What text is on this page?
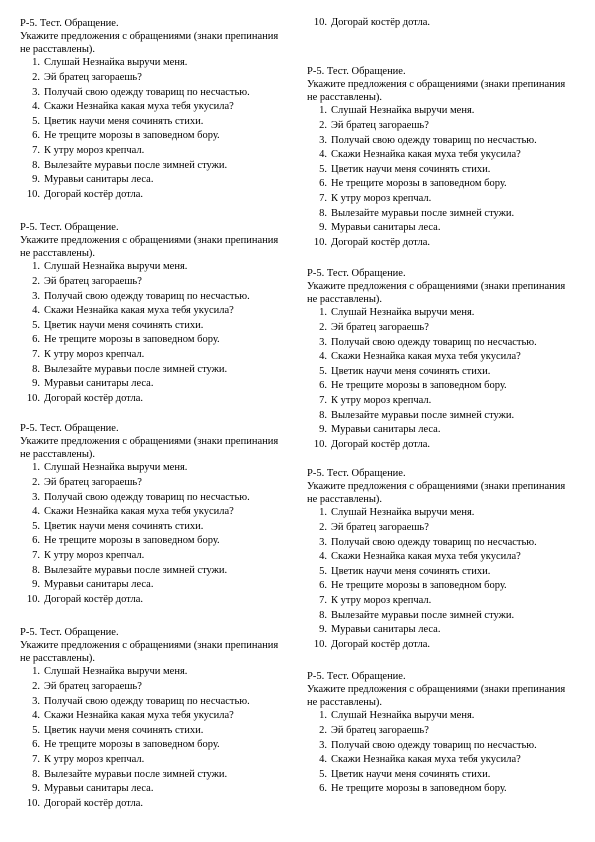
Р-5. Тест. Обращение.
Укажите предложения с обращениями (знаки препинания не расставлены).
1. Слушай Незнайка выручи меня.
2. Эй братец загораешь?
3. Получай свою одежду товарищ по несчастью.
4. Скажи Незнайка какая муха тебя укусила?
5. Цветик научи меня сочинять стихи.
6. Не трещите морозы в заповедном бору.
7. К утру мороз крепчал.
8. Вылезайте муравьи после зимней стужи.
9. Муравьи санитары леса.
10. Догорай костёр дотла.
Р-5. Тест. Обращение.
Укажите предложения с обращениями (знаки препинания не расставлены).
1. Слушай Незнайка выручи меня.
2. Эй братец загораешь?
3. Получай свою одежду товарищ по несчастью.
4. Скажи Незнайка какая муха тебя укусила?
5. Цветик научи меня сочинять стихи.
6. Не трещите морозы в заповедном бору.
7. К утру мороз крепчал.
8. Вылезайте муравьи после зимней стужи.
9. Муравьи санитары леса.
10. Догорай костёр дотла.
Р-5. Тест. Обращение.
Укажите предложения с обращениями (знаки препинания не расставлены).
1. Слушай Незнайка выручи меня.
2. Эй братец загораешь?
3. Получай свою одежду товарищ по несчастью.
4. Скажи Незнайка какая муха тебя укусила?
5. Цветик научи меня сочинять стихи.
6. Не трещите морозы в заповедном бору.
7. К утру мороз крепчал.
8. Вылезайте муравьи после зимней стужи.
9. Муравьи санитары леса.
10. Догорай костёр дотла.
Р-5. Тест. Обращение.
Укажите предложения с обращениями (знаки препинания не расставлены).
1. Слушай Незнайка выручи меня.
2. Эй братец загораешь?
3. Получай свою одежду товарищ по несчастью.
4. Скажи Незнайка какая муха тебя укусила?
5. Цветик научи меня сочинять стихи.
6. Не трещите морозы в заповедном бору.
7. К утру мороз крепчал.
8. Вылезайте муравьи после зимней стужи.
9. Муравьи санитары леса.
10. Догорай костёр дотла.
10. Догорай костёр дотла.
Р-5. Тест. Обращение.
Укажите предложения с обращениями (знаки препинания не расставлены).
1. Слушай Незнайка выручи меня.
2. Эй братец загораешь?
3. Получай свою одежду товарищ по несчастью.
4. Скажи Незнайка какая муха тебя укусила?
5. Цветик научи меня сочинять стихи.
6. Не трещите морозы в заповедном бору.
7. К утру мороз крепчал.
8. Вылезайте муравьи после зимней стужи.
9. Муравьи санитары леса.
10. Догорай костёр дотла.
Р-5. Тест. Обращение.
Укажите предложения с обращениями (знаки препинания не расставлены).
1. Слушай Незнайка выручи меня.
2. Эй братец загораешь?
3. Получай свою одежду товарищ по несчастью.
4. Скажи Незнайка какая муха тебя укусила?
5. Цветик научи меня сочинять стихи.
6. Не трещите морозы в заповедном бору.
7. К утру мороз крепчал.
8. Вылезайте муравьи после зимней стужи.
9. Муравьи санитары леса.
10. Догорай костёр дотла.
Р-5. Тест. Обращение.
Укажите предложения с обращениями (знаки препинания не расставлены).
1. Слушай Незнайка выручи меня.
2. Эй братец загораешь?
3. Получай свою одежду товарищ по несчастью.
4. Скажи Незнайка какая муха тебя укусила?
5. Цветик научи меня сочинять стихи.
6. Не трещите морозы в заповедном бору.
7. К утру мороз крепчал.
8. Вылезайте муравьи после зимней стужи.
9. Муравьи санитары леса.
10. Догорай костёр дотла.
Р-5. Тест. Обращение.
Укажите предложения с обращениями (знаки препинания не расставлены).
1. Слушай Незнайка выручи меня.
2. Эй братец загораешь?
3. Получай свою одежду товарищ по несчастью.
4. Скажи Незнайка какая муха тебя укусила?
5. Цветик научи меня сочинять стихи.
6. Не трещите морозы в заповедном бору.
